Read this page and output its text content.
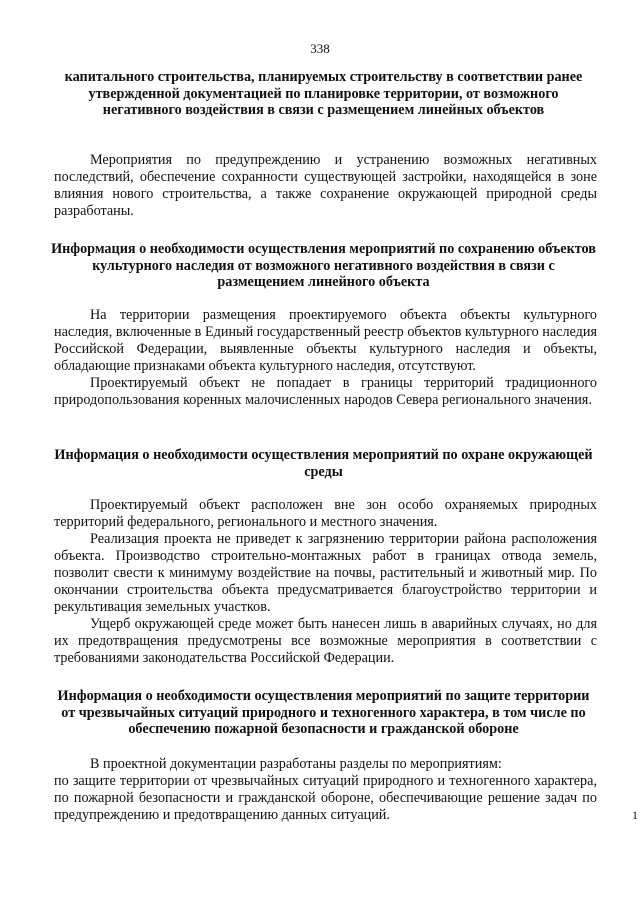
338
капитального строительства, планируемых строительству в соответствии ранее утвержденной документацией по планировке территории, от возможного негативного воздействия в связи с размещением линейных объектов
Мероприятия по предупреждению и устранению возможных негативных последствий, обеспечение сохранности существующей застройки, находящейся в зоне влияния нового строительства, а также сохранение окружающей природной среды разработаны.
Информация о необходимости осуществления мероприятий по сохранению объектов культурного наследия от возможного негативного воздействия в связи с размещением линейного объекта
На территории размещения проектируемого объекта объекты культурного наследия, включенные в Единый государственный реестр объектов культурного наследия Российской Федерации, выявленные объекты культурного наследия и объекты, обладающие признаками объекта культурного наследия, отсутствуют.
Проектируемый объект не попадает в границы территорий традиционного природопользования коренных малочисленных народов Севера регионального значения.
Информация о необходимости осуществления мероприятий по охране окружающей среды
Проектируемый объект расположен вне зон особо охраняемых природных территорий федерального, регионального и местного значения.
Реализация проекта не приведет к загрязнению территории района расположения объекта. Производство строительно-монтажных работ в границах отвода земель, позволит свести к минимуму воздействие на почвы, растительный и животный мир. По окончании строительства объекта предусматривается благоустройство территории и рекультивация земельных участков.
Ущерб окружающей среде может быть нанесен лишь в аварийных случаях, но для их предотвращения предусмотрены все возможные мероприятия в соответствии с требованиями законодательства Российской Федерации.
Информация о необходимости осуществления мероприятий по защите территории от чрезвычайных ситуаций природного и техногенного характера, в том числе по обеспечению пожарной безопасности и гражданской обороне
В проектной документации разработаны разделы по мероприятиям:
по защите территории от чрезвычайных ситуаций природного и техногенного характера, по пожарной безопасности и гражданской обороне, обеспечивающие решение задач по предупреждению и предотвращению данных ситуаций.	1
